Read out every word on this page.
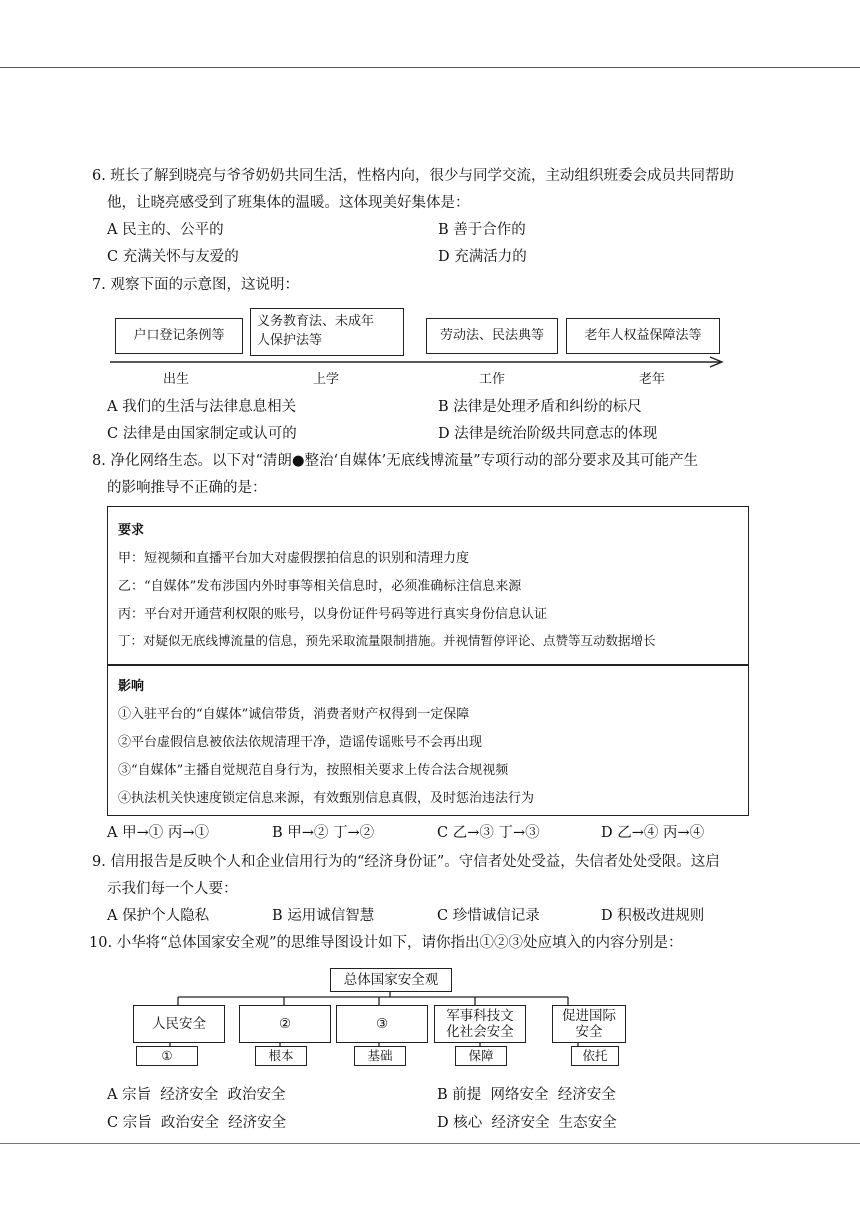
6. 班长了解到晓亮与爷爷奶奶共同生活，性格内向，很少与同学交流，主动组织班委会成员共同帮助
他，让晓亮感受到了班集体的温暖。这体现美好集体是：
A 民主的、公平的	B 善于合作的
C 充满关怀与友爱的	D 充满活力的
7. 观察下面的示意图，这说明：
户口登记条例等
义务教育法、未成年
人保护法等	劳动法、民法典等	老年人权益保障法等
出生	上学	工作	老年
A 我们的生活与法律息息相关	B 法律是处理矛盾和纠纷的标尺
C 法律是由国家制定或认可的	D 法律是统治阶级共同意志的体现
8. 净化网络生态。以下对“清朗●整治‘自媒体’无底线博流量”专项行动的部分要求及其可能产生
的影响推导不正确的是：
要求
甲：短视频和直播平台加大对虚假摆拍信息的识别和清理力度
乙：“自媒体”发布涉国内外时事等相关信息时，必须准确标注信息来源
丙：平台对开通营利权限的账号，以身份证件号码等进行真实身份信息认证
丁：对疑似无底线博流量的信息，预先采取流量限制措施。并视情暂停评论、点赞等互动数据增长
影响
①入驻平台的“自媒体”诚信带货，消费者财产权得到一定保障
②平台虚假信息被依法依规清理干净，造谣传谣账号不会再出现
③“自媒体”主播自觉规范自身行为，按照相关要求上传合法合规视频
④执法机关快速度锁定信息来源，有效甄别信息真假，及时惩治违法行为
A 甲→① 丙→①	B 甲→② 丁→②	C 乙→③ 丁→③	D 乙→④ 丙→④
9. 信用报告是反映个人和企业信用行为的“经济身份证”。守信者处处受益，失信者处处受限。这启
示我们每一个人要：
A 保护个人隐私	B 运用诚信智慧	C 珍惜诚信记录	D 积极改进规则
10. 小华将“总体国家安全观”的思维导图设计如下，请你指出①②③处应填入的内容分别是：
总体国家安全观
人民安全	②	③	军事科技文
化社会安全
促进国际
安全
①	根本	基础	保障	依托
A 宗旨  经济安全  政治安全	B 前提  网络安全  经济安全
C 宗旨  政治安全  经济安全	D 核心  经济安全  生态安全
